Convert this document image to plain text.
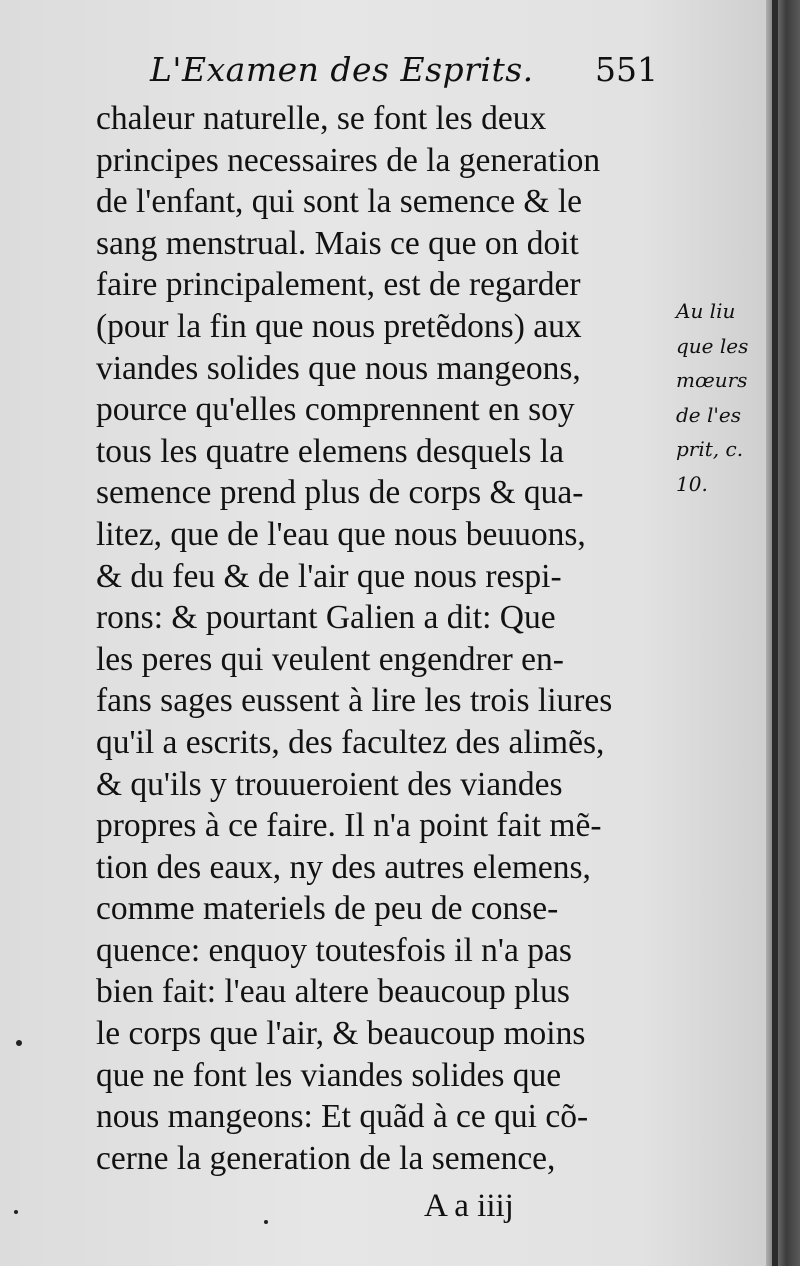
L'Examen des Esprits. 551
chaleur naturelle, se font les deux
principes necessaires de la generation
de l'enfant, qui sont la semence & le
sang menstrual. Mais ce que on doit
faire principalement, est de regarder
(pour la fin que nous pretẽdons) aux
viandes solides que nous mangeons,
pource qu'elles comprennent en soy
tous les quatre elemens desquels la
semence prend plus de corps & qua-
litez, que de l'eau que nous beuuons,
& du feu & de l'air que nous respi-
rons: & pourtant Galien a dit: Que
les peres qui veulent engendrer en-
fans sages eussent à lire les trois liures
qu'il a escrits, des facultez des alimẽs,
& qu'ils y trouueroient des viandes
propres à ce faire. Il n'a point fait mẽ-
tion des eaux, ny des autres elemens,
comme materiels de peu de conse-
quence: enquoy toutesfois il n'a pas
bien fait: l'eau altere beaucoup plus
le corps que l'air, & beaucoup moins
que ne font les viandes solides que
nous mangeons: Et quãd à ce qui cõ-
cerne la generation de la semence,
Au liu
que les
mœurs
de l'es
prit, c.
10.
A a iiij
